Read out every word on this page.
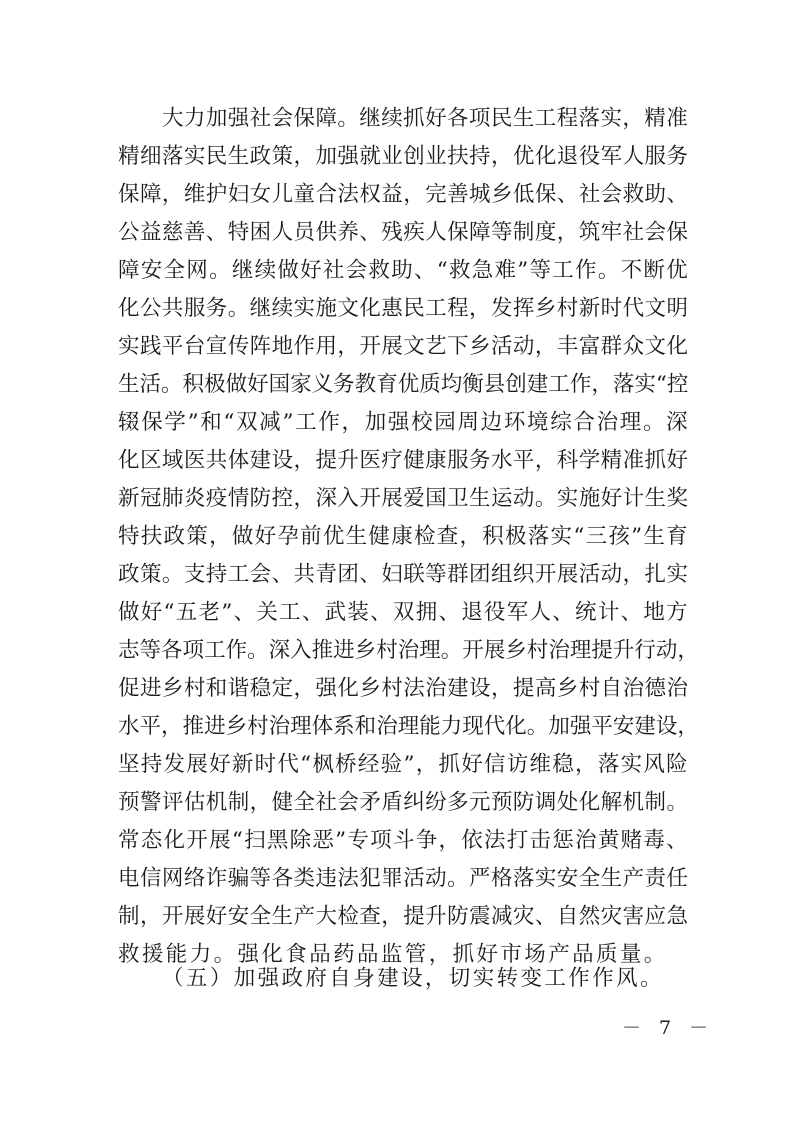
大 力 加 强 社 会 保 障 。 继 续 抓 好 各 项 民 生 工 程 落 实 ， 精 准
精 细 落 实 民 生 政 策 ， 加 强 就 业 创 业 扶 持 ， 优 化 退 役 军 人 服 务
保 障 ， 维 护 妇 女 儿 童 合 法 权 益 ， 完 善 城 乡 低 保 、 社 会 救 助 、
公 益 慈 善 、 特 困 人 员 供 养 、 残 疾 人 保 障 等 制 度 ， 筑 牢 社 会 保
障 安 全 网 。 继 续 做 好 社 会 救 助 、 “ 救 急 难 ” 等 工 作 。 不 断 优
化 公 共 服 务 。 继 续 实 施 文 化 惠 民 工 程 ， 发 挥 乡 村 新 时 代 文 明
实 践 平 台 宣 传 阵 地 作 用 ， 开 展 文 艺 下 乡 活 动 ， 丰 富 群 众 文 化
生 活 。 积 极 做 好 国 家 义 务 教 育 优 质 均 衡 县 创 建 工 作 ， 落 实 “ 控
辍 保 学 ” 和 “ 双 减 ” 工 作 ， 加 强 校 园 周 边 环 境 综 合 治 理 。 深
化 区 域 医 共 体 建 设 ， 提 升 医 疗 健 康 服 务 水 平 ， 科 学 精 准 抓 好
新 冠 肺 炎 疫 情 防 控 ， 深 入 开 展 爱 国 卫 生 运 动 。 实 施 好 计 生 奖
特 扶 政 策 ， 做 好 孕 前 优 生 健 康 检 查 ， 积 极 落 实 “ 三 孩 ” 生 育
政 策 。 支 持 工 会 、 共 青 团 、 妇 联 等 群 团 组 织 开 展 活 动 ， 扎 实
做 好 “ 五 老 ” 、 关 工 、 武 装 、 双 拥 、 退 役 军 人 、 统 计 、 地 方
志 等 各 项 工 作 。 深 入 推 进 乡 村 治 理 。 开 展 乡 村 治 理 提 升 行 动 ，
促 进 乡 村 和 谐 稳 定 ， 强 化 乡 村 法 治 建 设 ， 提 高 乡 村 自 治 德 治
水 平 ， 推 进 乡 村 治 理 体 系 和 治 理 能 力 现 代 化 。 加 强 平 安 建 设 ，
坚 持 发 展 好 新 时 代 “ 枫 桥 经 验 ” ， 抓 好 信 访 维 稳 ， 落 实 风 险
预 警 评 估 机 制 ， 健 全 社 会 矛 盾 纠 纷 多 元 预 防 调 处 化 解 机 制 。
常 态 化 开 展 “ 扫 黑 除 恶 ” 专 项 斗 争 ， 依 法 打 击 惩 治 黄 赌 毒 、
电 信 网 络 诈 骗 等 各 类 违 法 犯 罪 活 动 。 严 格 落 实 安 全 生 产 责 任
制 ， 开 展 好 安 全 生 产 大 检 查 ， 提 升 防 震 减 灾 、 自 然 灾 害 应 急
救援能力。强化食品药品监管，抓好市场产品质量。
（五）加强政府自身建设，切实转变工作作风。
－ 7 －
